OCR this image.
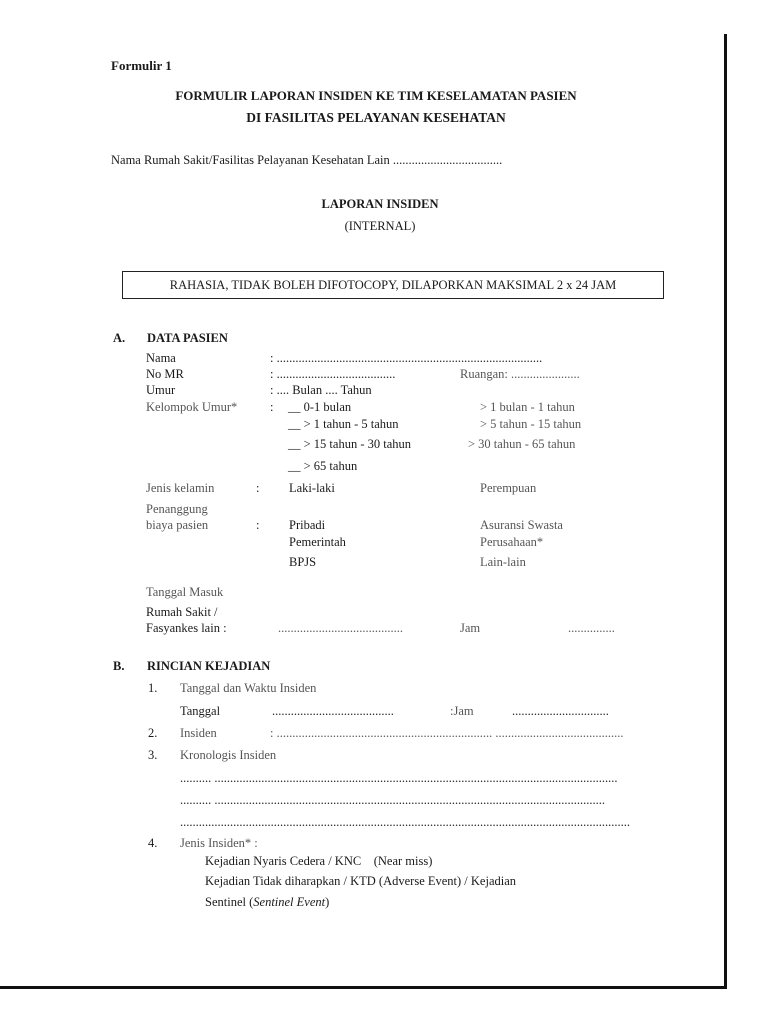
Formulir 1
FORMULIR LAPORAN INSIDEN KE TIM KESELAMATAN PASIEN
DI FASILITAS PELAYANAN KESEHATAN
Nama Rumah Sakit/Fasilitas Pelayanan Kesehatan Lain ...................................
LAPORAN INSIDEN
(INTERNAL)
RAHASIA, TIDAK BOLEH DIFOTOCOPY, DILAPORKAN MAKSIMAL 2 x 24 JAM
A. DATA PASIEN
Nama	: .....................................................................................
No MR	: ......................................	Ruangan: ......................
Umur	: .... Bulan .... Tahun
Kelompok Umur*	: __ 0-1 bulan	> 1 bulan - 1 tahun
__ > 1 tahun - 5 tahun	> 5 tahun - 15 tahun
__ > 15 tahun - 30 tahun	> 30 tahun - 65 tahun
__ > 65 tahun
Jenis kelamin	: Laki-laki	Perempuan
Penanggung
biaya pasien	: Pribadi	Asuransi Swasta
Pemerintah	Perusahaan*
BPJS	Lain-lain
Tanggal Masuk
Rumah Sakit /
Fasyankes lain :	........................................	Jam	...............
B. RINCIAN KEJADIAN
1. Tanggal dan Waktu Insiden
Tanggal	.......................................	:Jam	...............................
2. Insiden	: ..................................................................... .........................................
3. Kronologis Insiden
.......... .................................................................................................................................
.......... .............................................................................................................................
................................................................................................................................................
4. Jenis Insiden* :
Kejadian Nyaris Cedera / KNC (Near miss)
Kejadian Tidak diharapkan / KTD (Adverse Event) / Kejadian
Sentinel (Sentinel Event)
